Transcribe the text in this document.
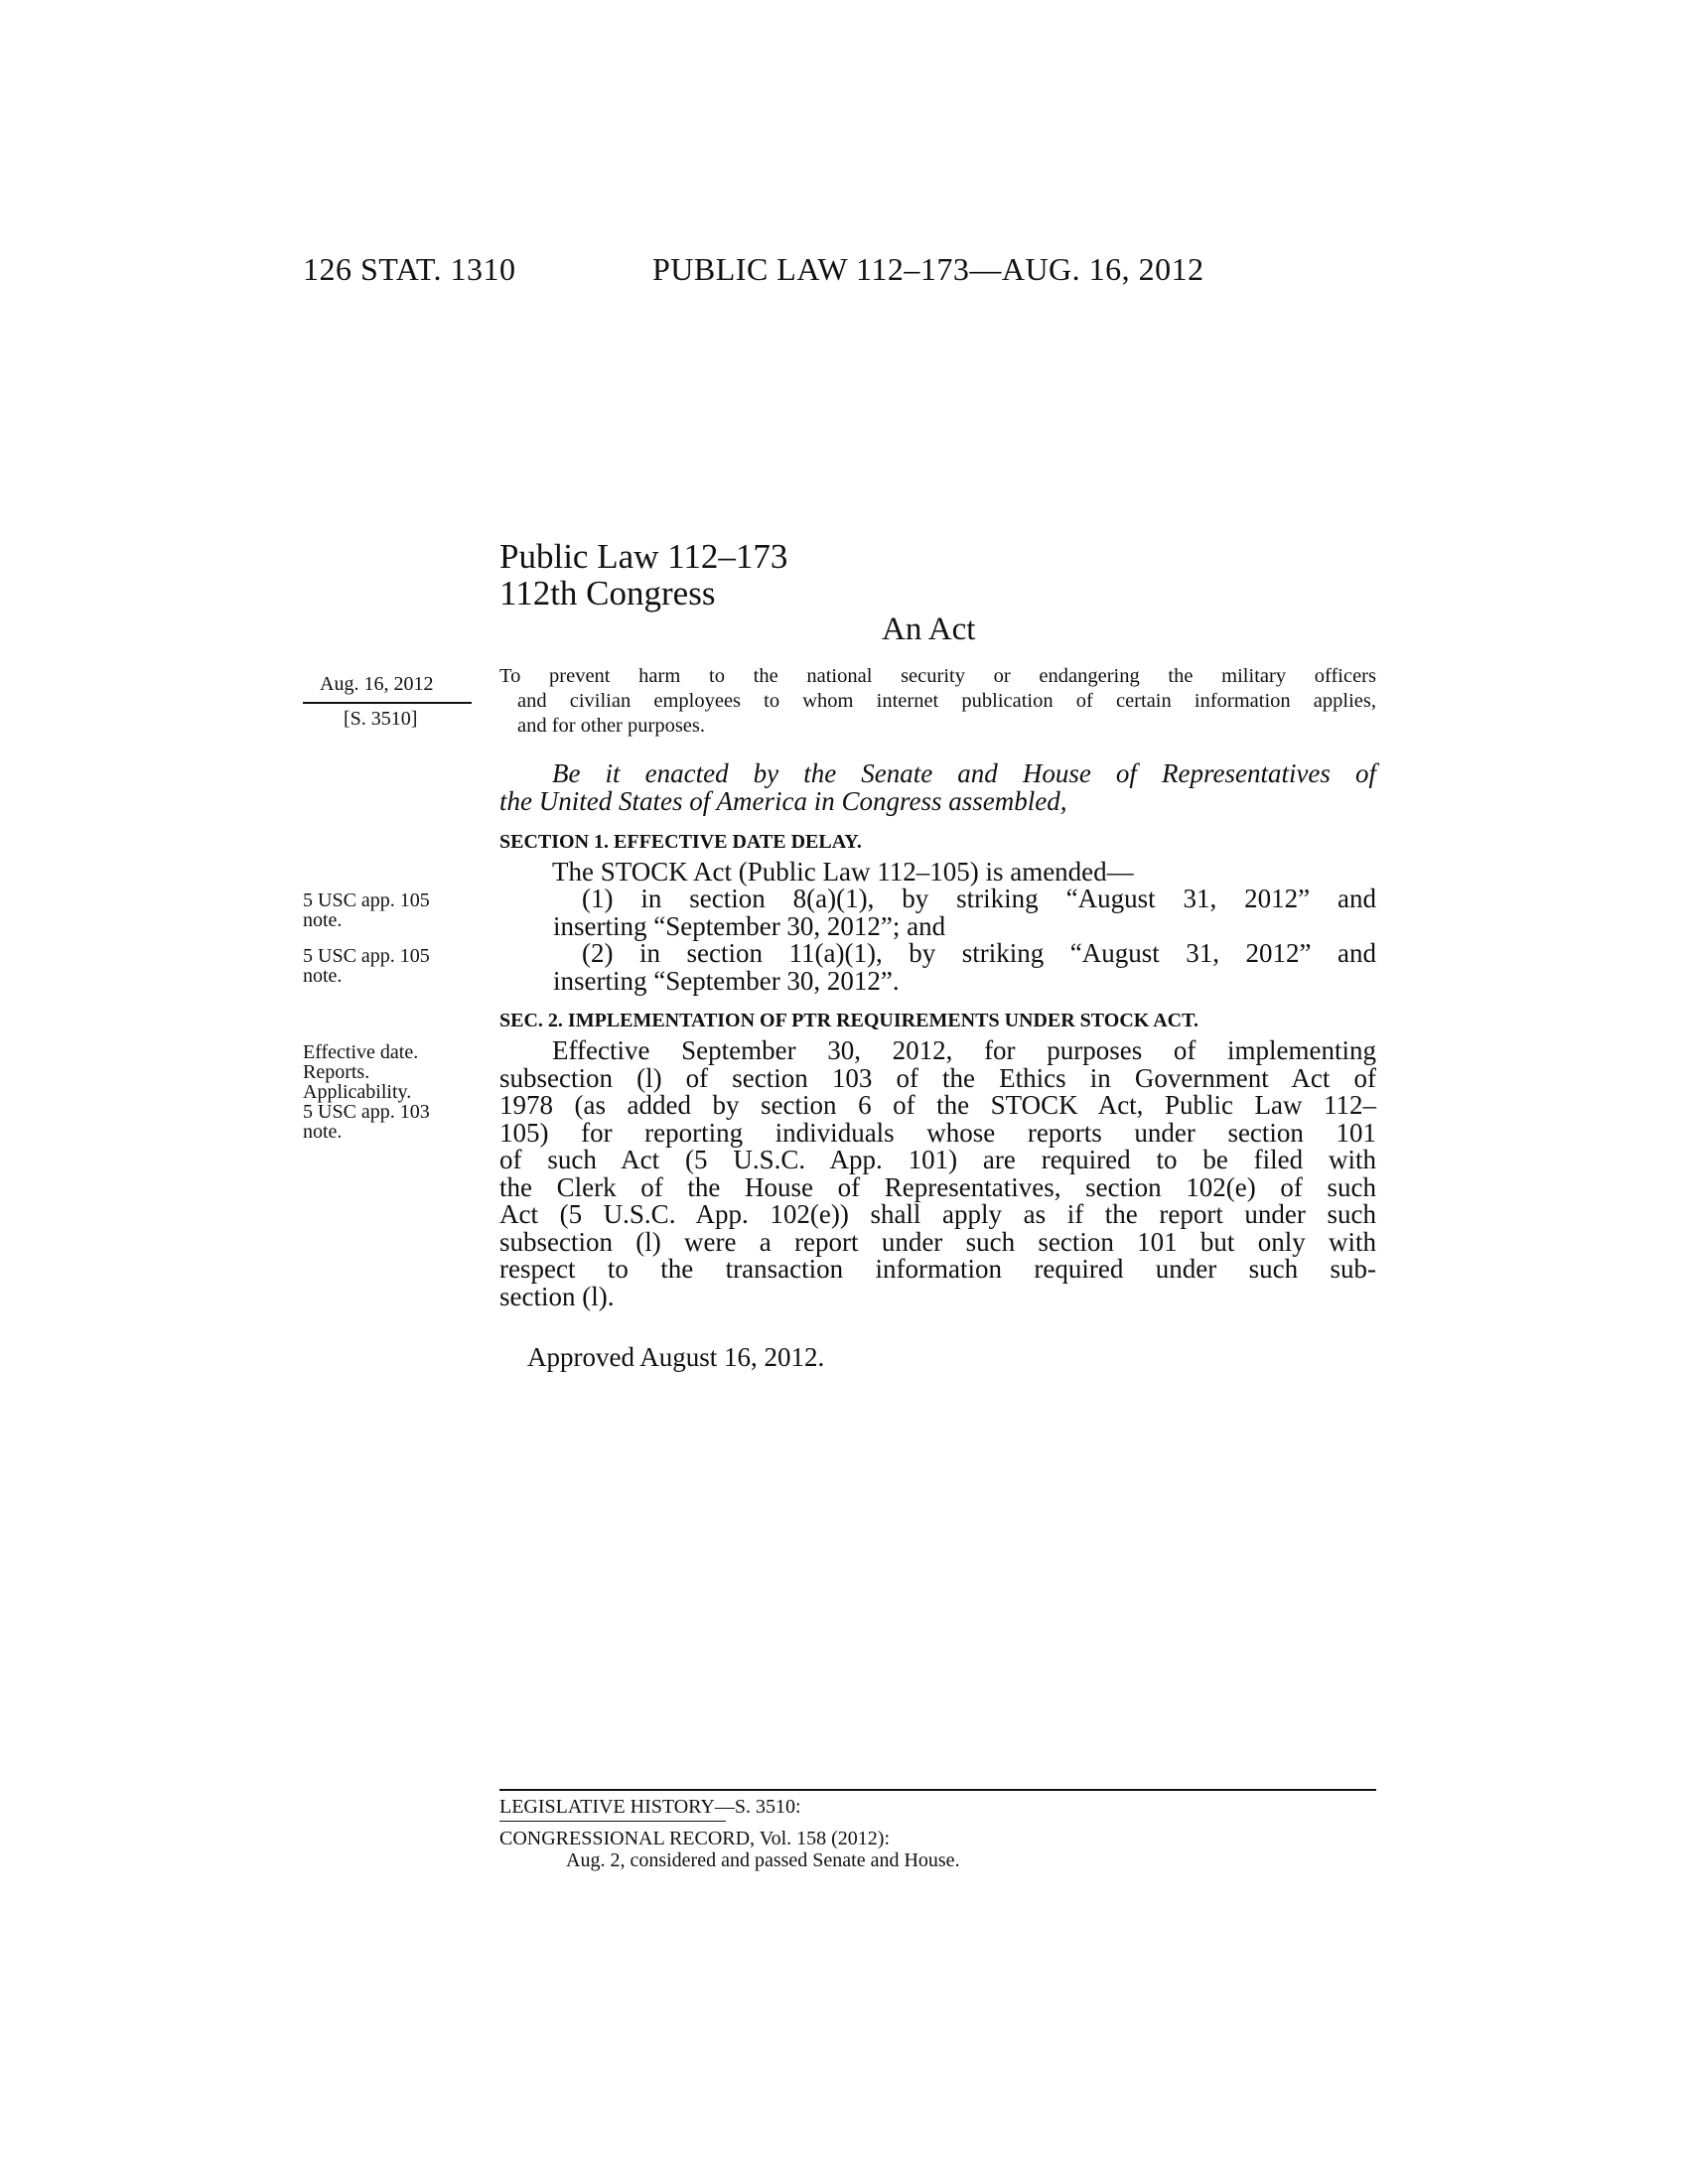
126 STAT. 1310	PUBLIC LAW 112–173—AUG. 16, 2012
Public Law 112–173
112th Congress
An Act
Aug. 16, 2012
[S. 3510]
To prevent harm to the national security or endangering the military officers
and civilian employees to whom internet publication of certain information applies,
and for other purposes.
Be it enacted by the Senate and House of Representatives of
the United States of America in Congress assembled,
SECTION 1. EFFECTIVE DATE DELAY.
The STOCK Act (Public Law 112–105) is amended—
(1) in section 8(a)(1), by striking “August 31, 2012” and
inserting “September 30, 2012”; and
(2) in section 11(a)(1), by striking “August 31, 2012” and
inserting “September 30, 2012”.
5 USC app. 105
note.
5 USC app. 105
note.
SEC. 2. IMPLEMENTATION OF PTR REQUIREMENTS UNDER STOCK ACT.
Effective September 30, 2012, for purposes of implementing
subsection (l) of section 103 of the Ethics in Government Act of
1978 (as added by section 6 of the STOCK Act, Public Law 112–
105) for reporting individuals whose reports under section 101
of such Act (5 U.S.C. App. 101) are required to be filed with
the Clerk of the House of Representatives, section 102(e) of such
Act (5 U.S.C. App. 102(e)) shall apply as if the report under such
subsection (l) were a report under such section 101 but only with
respect to the transaction information required under such sub-
section (l).
Effective date.
Reports.
Applicability.
5 USC app. 103
note.
Approved August 16, 2012.
LEGISLATIVE HISTORY—S. 3510:
CONGRESSIONAL RECORD, Vol. 158 (2012):
Aug. 2, considered and passed Senate and House.
